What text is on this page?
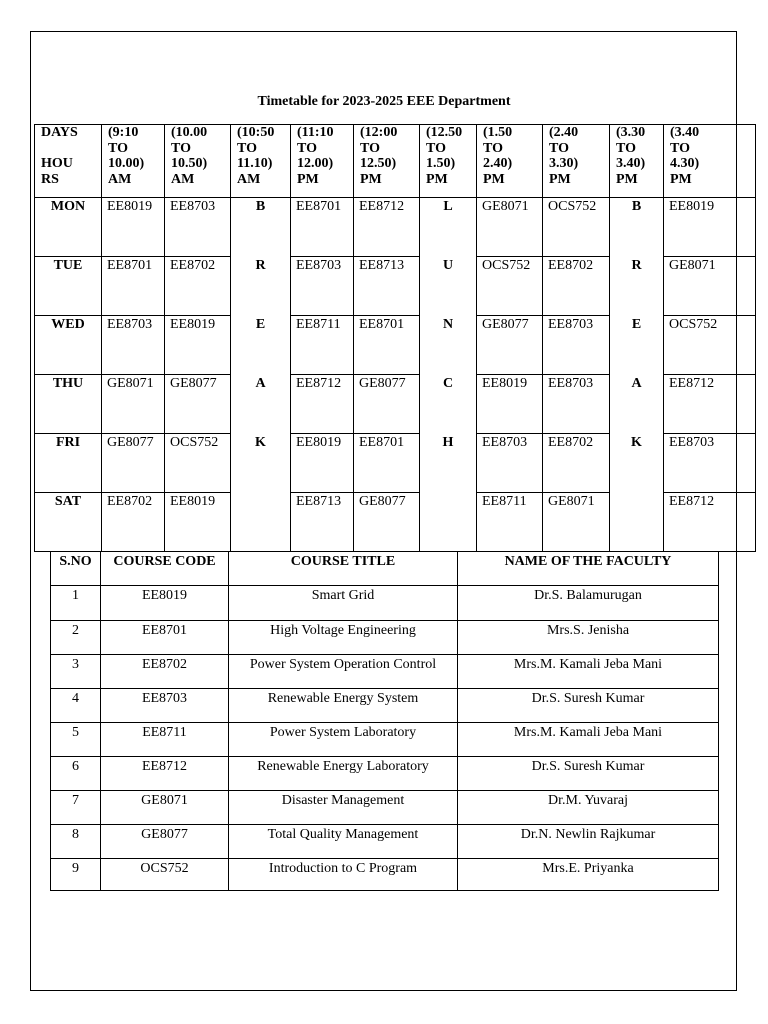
Timetable for 2023-2025 EEE Department
DAYS

HOU
RS	(9:10
TO
10.00)
AM	(10.00
TO
10.50)
AM	(10:50
TO
11.10)
AM	(11:10
TO
12.00)
PM	(12:00
TO
12.50)
PM	(12.50
TO
1.50)
PM	(1.50
TO
2.40)
PM	(2.40
TO
3.30)
PM	(3.30
TO
3.40)
PM	(3.40
TO
4.30)
PM
MON	EE8019	EE8703	B	EE8701	EE8712	L	GE8071	OCS752	B	EE8019
TUE	EE8701	EE8702	R	EE8703	EE8713	U	OCS752	EE8702	R	GE8071
WED	EE8703	EE8019	E	EE8711	EE8701	N	GE8077	EE8703	E	OCS752
THU	GE8071	GE8077	A	EE8712	GE8077	C	EE8019	EE8703	A	EE8712
FRI	GE8077	OCS752	K	EE8019	EE8701	H	EE8703	EE8702	K	EE8703
SAT	EE8702	EE8019		EE8713	GE8077		EE8711	GE8071		EE8712
S.NO	COURSE CODE	COURSE TITLE	NAME OF THE FACULTY
1	EE8019	Smart Grid	Dr.S. Balamurugan
2	EE8701	High Voltage Engineering	Mrs.S. Jenisha
3	EE8702	Power System Operation Control	Mrs.M. Kamali Jeba Mani
4	EE8703	Renewable Energy System	Dr.S. Suresh Kumar
5	EE8711	Power System Laboratory	Mrs.M. Kamali Jeba Mani
6	EE8712	Renewable Energy Laboratory	Dr.S. Suresh Kumar
7	GE8071	Disaster Management	Dr.M. Yuvaraj
8	GE8077	Total Quality Management	Dr.N. Newlin Rajkumar
9	OCS752	Introduction to C Program	Mrs.E. Priyanka
